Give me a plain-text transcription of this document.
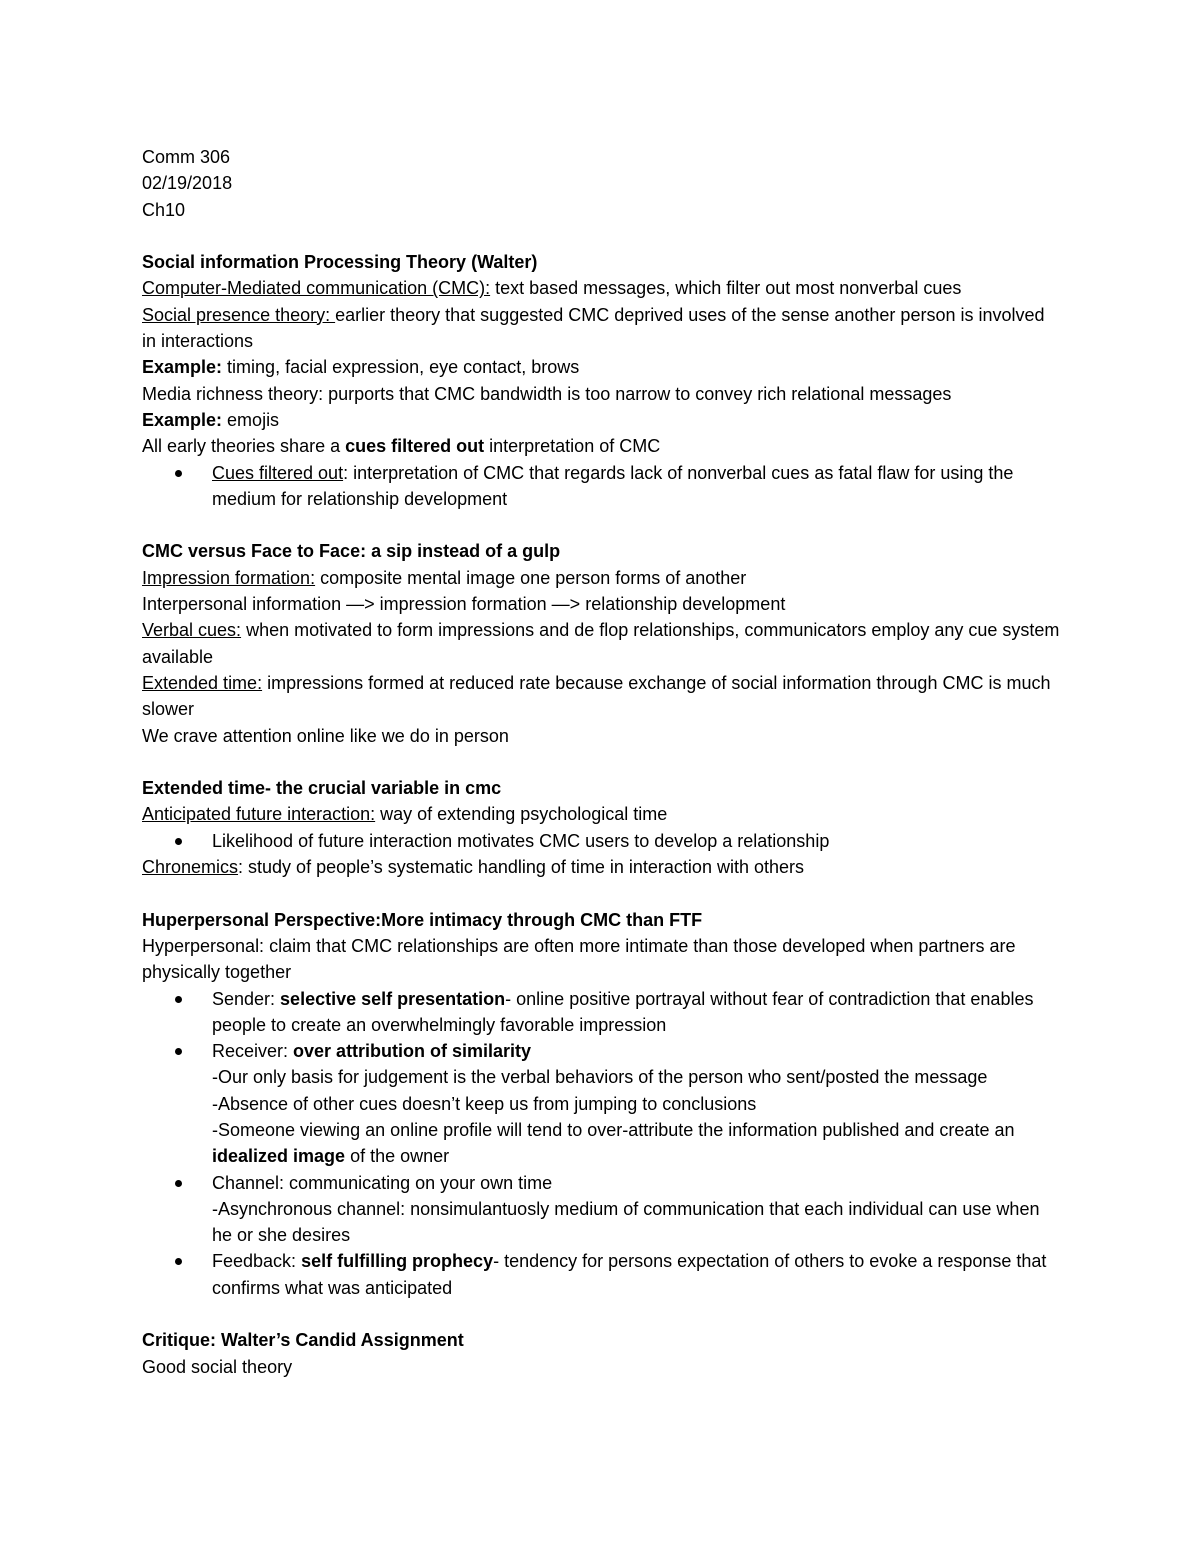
Comm 306

02/19/2018

Ch10

Social information Processing Theory (Walter)

Computer-Mediated communication (CMC): text based messages, which filter out most nonverbal cues

Social presence theory: earlier theory that suggested CMC deprived uses of the sense another person is involved in interactions

Example: timing, facial expression, eye contact, brows

Media richness theory: purports that CMC bandwidth is too narrow to convey rich relational messages

Example: emojis

All early theories share a cues filtered out interpretation of CMC

Cues filtered out: interpretation of CMC that regards lack of nonverbal cues as fatal flaw for using the medium for relationship development

CMC versus Face to Face: a sip instead of a gulp

Impression formation: composite mental image one person forms of another

Interpersonal information —> impression formation —> relationship development

Verbal cues: when motivated to form impressions and de flop relationships, communicators employ any cue system available

Extended time: impressions formed at reduced rate because exchange of social information through CMC is much slower

We crave attention online like we do in person

Extended time- the crucial variable in cmc

Anticipated future interaction: way of extending psychological time

Likelihood of future interaction motivates CMC users to develop a relationship

Chronemics: study of people’s systematic handling of time in interaction with others

Huperpersonal Perspective:More intimacy through CMC than FTF

Hyperpersonal: claim that CMC relationships are often more intimate than those developed when partners are physically together

Sender: selective self presentation- online positive portrayal without fear of contradiction that enables people to create an overwhelmingly favorable impression
Receiver: over attribution of similarity
-Our only basis for judgement is the verbal behaviors of the person who sent/posted the message
-Absence of other cues doesn’t keep us from jumping to conclusions
-Someone viewing an online profile will tend to over-attribute the information published and create an idealized image of the owner
Channel: communicating on your own time
-Asynchronous channel: nonsimulantuosly medium of communication that each individual can use when he or she desires
Feedback: self fulfilling prophecy- tendency for persons expectation of others to evoke a response that confirms what was anticipated

Critique: Walter’s Candid Assignment

Good social theory
